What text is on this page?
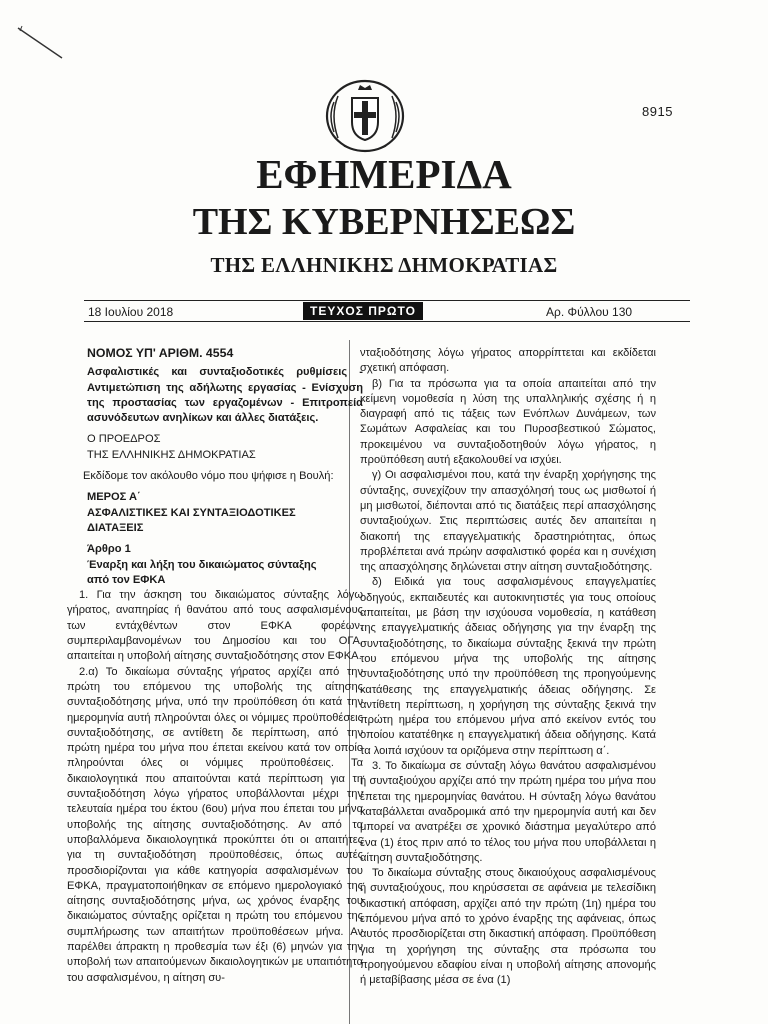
8915
ΕΦΗΜΕΡΙΔΑ
ΤΗΣ ΚΥΒΕΡΝΗΣΕΩΣ
ΤΗΣ ΕΛΛΗΝΙΚΗΣ ΔΗΜΟΚΡΑΤΙΑΣ
18 Ιουλίου 2018	ΤΕΥΧΟΣ ΠΡΩΤΟ	Αρ. Φύλλου 130

ΝΟΜΟΣ ΥΠ' ΑΡΙΘΜ. 4554

Ασφαλιστικές και συνταξιοδοτικές ρυθμίσεις - Αντιμετώπιση της αδήλωτης εργασίας - Ενίσχυση της προστασίας των εργαζομένων - Επιτροπεία ασυνόδευτων ανηλίκων και άλλες διατάξεις.

Ο ΠΡΟΕΔΡΟΣ
ΤΗΣ ΕΛΛΗΝΙΚΗΣ ΔΗΜΟΚΡΑΤΙΑΣ

Εκδίδομε τον ακόλουθο νόμο που ψήφισε η Βουλή:

ΜΕΡΟΣ Α΄
ΑΣΦΑΛΙΣΤΙΚΕΣ ΚΑΙ ΣΥΝΤΑΞΙΟΔΟΤΙΚΕΣ
ΔΙΑΤΑΞΕΙΣ

Άρθρο 1
Έναρξη και λήξη του δικαιώματος σύνταξης
από τον ΕΦΚΑ

1. Για την άσκηση του δικαιώματος σύνταξης λόγω γήρατος, αναπηρίας ή θανάτου από τους ασφαλισμένους των εντάχθέντων στον ΕΦΚΑ φορέων, συμπεριλαμβανομένων του Δημοσίου και του ΟΓΑ, απαιτείται η υποβολή αίτησης συνταξιοδότησης στον ΕΦΚΑ.

2.α) Το δικαίωμα σύνταξης γήρατος αρχίζει από την πρώτη του επόμενου της υποβολής της αίτησης συνταξιοδότησης μήνα, υπό την προϋπόθεση ότι κατά την ημερομηνία αυτή πληρούνται όλες οι νόμιμες προϋποθέσεις συνταξιοδότησης, σε αντίθετη δε περίπτωση, από την πρώτη ημέρα του μήνα που έπεται εκείνου κατά τον οποίο πληρούνται όλες οι νόμιμες προϋποθέσεις. Τα δικαιολογητικά που απαιτούνται κατά περίπτωση για τη συνταξιοδότηση λόγω γήρατος υποβάλλονται μέχρι την τελευταία ημέρα του έκτου (6ου) μήνα που έπεται του μήνα υποβολής της αίτησης συνταξιοδότησης. Αν από τα υποβαλλόμενα δικαιολογητικά προκύπτει ότι οι απαιτήτες για τη συνταξιοδότηση προϋποθέσεις, όπως αυτές προσδιορίζονται για κάθε κατηγορία ασφαλισμένων του ΕΦΚΑ, πραγματοποιήθηκαν σε επόμενο ημερολογιακό της αίτησης συνταξιοδότησης μήνα, ως χρόνος έναρξης του δικαιώματος σύνταξης ορίζεται η πρώτη του επόμενου της συμπλήρωσης των απαιτήτων προϋποθέσεων μήνα. Αν παρέλθει άπρακτη η προθεσμία των έξι (6) μηνών για την υποβολή των απαιτούμενων δικαιολογητικών με υπαιτιότητα του ασφαλισμένου, η αίτηση συ-

νταξιοδότησης λόγω γήρατος απορρίπτεται και εκδίδεται σχετική απόφαση.

β) Για τα πρόσωπα για τα οποία απαιτείται από την κείμενη νομοθεσία η λύση της υπαλληλικής σχέσης ή η διαγραφή από τις τάξεις των Ενόπλων Δυνάμεων, των Σωμάτων Ασφαλείας και του Πυροσβεστικού Σώματος, προκειμένου να συνταξιοδοτηθούν λόγω γήρατος, η προϋπόθεση αυτή εξακολουθεί να ισχύει.

γ) Οι ασφαλισμένοι που, κατά την έναρξη χορήγησης της σύνταξης, συνεχίζουν την απασχόλησή τους ως μισθωτοί ή μη μισθωτοί, διέπονται από τις διατάξεις περί απασχόλησης συνταξιούχων. Στις περιπτώσεις αυτές δεν απαιτείται η διακοπή της επαγγελματικής δραστηριότητας, όπως προβλέπεται ανά πρώην ασφαλιστικό φορέα και η συνέχιση της απασχόλησης δηλώνεται στην αίτηση συνταξιοδότησης.

δ) Ειδικά για τους ασφαλισμένους επαγγελματίες οδηγούς, εκπαιδευτές και αυτοκινητιστές για τους οποίους απαιτείται, με βάση την ισχύουσα νομοθεσία, η κατάθεση της επαγγελματικής άδειας οδήγησης για την έναρξη της συνταξιοδότησης, το δικαίωμα σύνταξης ξεκινά την πρώτη του επόμενου μήνα της υποβολής της αίτησης συνταξιοδότησης υπό την προϋπόθεση της προηγούμενης κατάθεσης της επαγγελματικής άδειας οδήγησης. Σε αντίθετη περίπτωση, η χορήγηση της σύνταξης ξεκινά την πρώτη ημέρα του επόμενου μήνα από εκείνον εντός του οποίου κατατέθηκε η επαγγελματική άδεια οδήγησης. Κατά τα λοιπά ισχύουν τα οριζόμενα στην περίπτωση α΄.

3. Το δικαίωμα σε σύνταξη λόγω θανάτου ασφαλισμένου ή συνταξιούχου αρχίζει από την πρώτη ημέρα του μήνα που έπεται της ημερομηνίας θανάτου. Η σύνταξη λόγω θανάτου καταβάλλεται αναδρομικά από την ημερομηνία αυτή και δεν μπορεί να ανατρέξει σε χρονικό διάστημα μεγαλύτερο από ένα (1) έτος πριν από το τέλος του μήνα που υποβάλλεται η αίτηση συνταξιοδότησης.

Το δικαίωμα σύνταξης στους δικαιούχους ασφαλισμένους ή συνταξιούχους, που κηρύσσεται σε αφάνεια με τελεσίδικη δικαστική απόφαση, αρχίζει από την πρώτη (1η) ημέρα του επόμενου μήνα από το χρόνο έναρξης της αφάνειας, όπως αυτός προσδιορίζεται στη δικαστική απόφαση. Προϋπόθεση για τη χορήγηση της σύνταξης στα πρόσωπα του προηγούμενου εδαφίου είναι η υποβολή αίτησης απονομής ή μεταβίβασης μέσα σε ένα (1)
